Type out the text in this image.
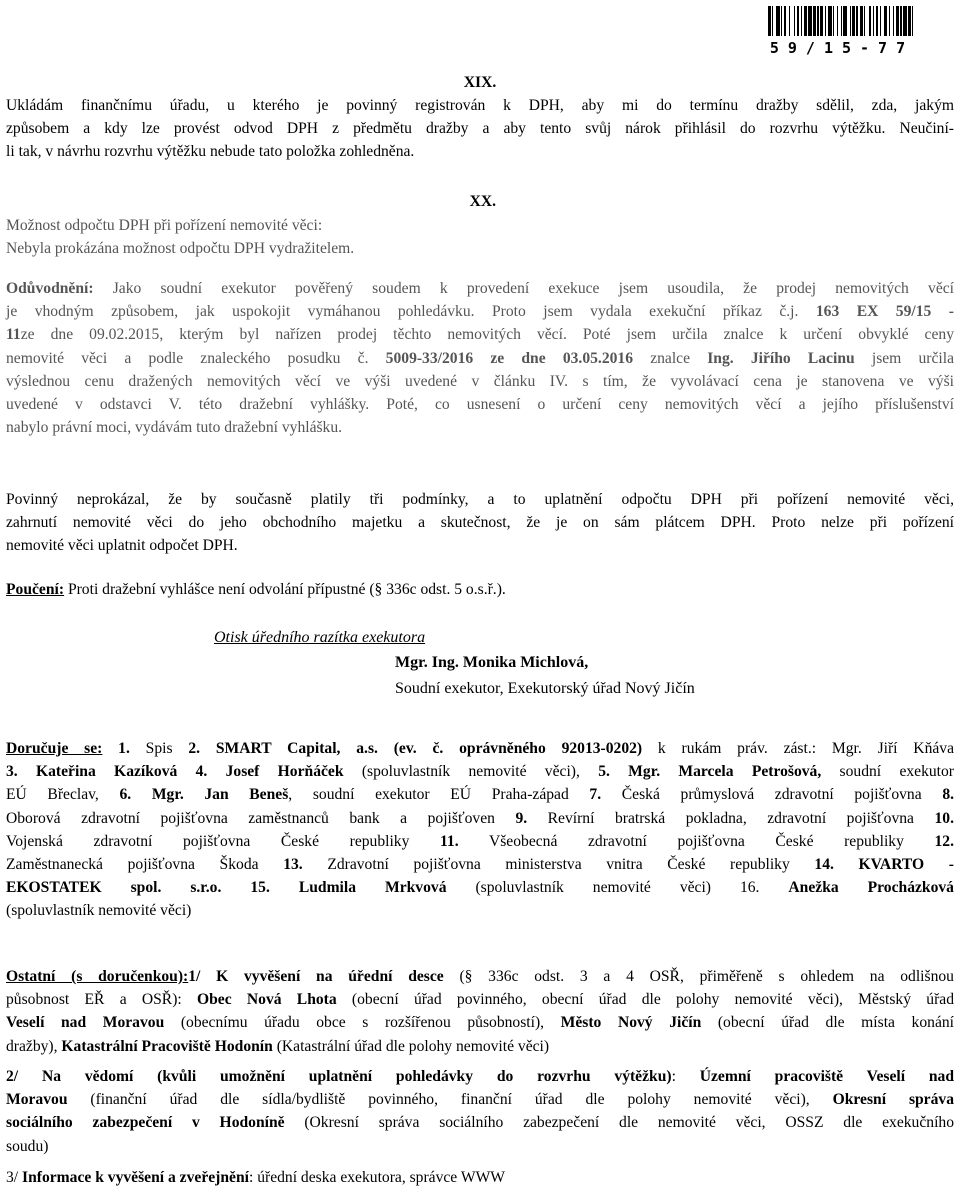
59/15-77
XIX.
Ukládám finančnímu úřadu, u kterého je povinný registrován k DPH, aby mi do termínu dražby sdělil, zda, jakým
způsobem a kdy lze provést odvod DPH z předmětu dražby a aby tento svůj nárok přihlásil do rozvrhu výtěžku. Neučiní-
li tak, v návrhu rozvrhu výtěžku nebude tato položka zohledněna.
XX.
Možnost odpočtu DPH při pořízení nemovité věci:
Nebyla prokázána možnost odpočtu DPH vydražitelem.
Odůvodnění: Jako soudní exekutor pověřený soudem k provedení exekuce jsem usoudila, že prodej nemovitých věcí
je vhodným způsobem, jak uspokojit vymáhanou pohledávku. Proto jsem vydala exekuční příkaz č.j. 163 EX 59/15 -
11ze dne 09.02.2015, kterým byl nařízen prodej těchto nemovitých věcí. Poté jsem určila znalce k určení obvyklé ceny
nemovité věci a podle znaleckého posudku č. 5009-33/2016 ze dne 03.05.2016 znalce Ing. Jiřího Lacinu jsem určila
výslednou cenu dražených nemovitých věcí ve výši uvedené v článku IV. s tím, že vyvolávací cena je stanovena ve výši
uvedené v odstavci V. této dražební vyhlášky. Poté, co usnesení o určení ceny nemovitých věcí a jejího příslušenství
nabylo právní moci, vydávám tuto dražební vyhlášku.
Povinný neprokázal, že by současně platily tři podmínky, a to uplatnění odpočtu DPH při pořízení nemovité věci,
zahrnutí nemovité věci do jeho obchodního majetku a skutečnost, že je on sám plátcem DPH. Proto nelze při pořízení
nemovité věci uplatnit odpočet DPH.
Poučení: Proti dražební vyhlášce není odvolání přípustné (§ 336c odst. 5 o.s.ř.).
Otisk úředního razítka exekutora
Mgr. Ing. Monika Michlová,
Soudní exekutor, Exekutorský úřad Nový Jičín
Doručuje se: 1. Spis 2. SMART Capital, a.s. (ev. č. oprávněného 92013-0202) k rukám práv. zást.: Mgr. Jiří Kňáva
3. Kateřina Kazíková 4. Josef Horňáček (spoluvlastník nemovité věci), 5. Mgr. Marcela Petrošová, soudní exekutor
EÚ Břeclav, 6. Mgr. Jan Beneš, soudní exekutor EÚ Praha-západ 7. Česká průmyslová zdravotní pojišťovna 8.
Oborová zdravotní pojišťovna zaměstnanců bank a pojišťoven 9. Revírní bratrská pokladna, zdravotní pojišťovna 10.
Vojenská zdravotní pojišťovna České republiky 11. Všeobecná zdravotní pojišťovna České republiky 12.
Zaměstnanecká pojišťovna Škoda 13. Zdravotní pojišťovna ministerstva vnitra České republiky 14. KVARTO -
EKOSTATEK spol. s.r.o. 15. Ludmila Mrkvová (spoluvlastník nemovité věci) 16. Anežka Procházková
(spoluvlastník nemovité věci)
Ostatní (s doručenkou):1/ K vyvěšení na úřední desce (§ 336c odst. 3 a 4 OSŘ, přiměřeně s ohledem na odlišnou
působnost EŘ a OSŘ): Obec Nová Lhota (obecní úřad povinného, obecní úřad dle polohy nemovité věci), Městský úřad
Veselí nad Moravou (obecnímu úřadu obce s rozšířenou působností), Město Nový Jičín (obecní úřad dle místa konání
dražby), Katastrální Pracoviště Hodonín (Katastrální úřad dle polohy nemovité věci)
2/ Na vědomí (kvůli umožnění uplatnění pohledávky do rozvrhu výtěžku): Územní pracoviště Veselí nad
Moravou (finanční úřad dle sídla/bydliště povinného, finanční úřad dle polohy nemovité věci), Okresní správa
sociálního zabezpečení v Hodoníně (Okresní správa sociálního zabezpečení dle nemovité věci, OSSZ dle exekučního
soudu)
3/ Informace k vyvěšení a zveřejnění: úřední deska exekutora, správce WWW
